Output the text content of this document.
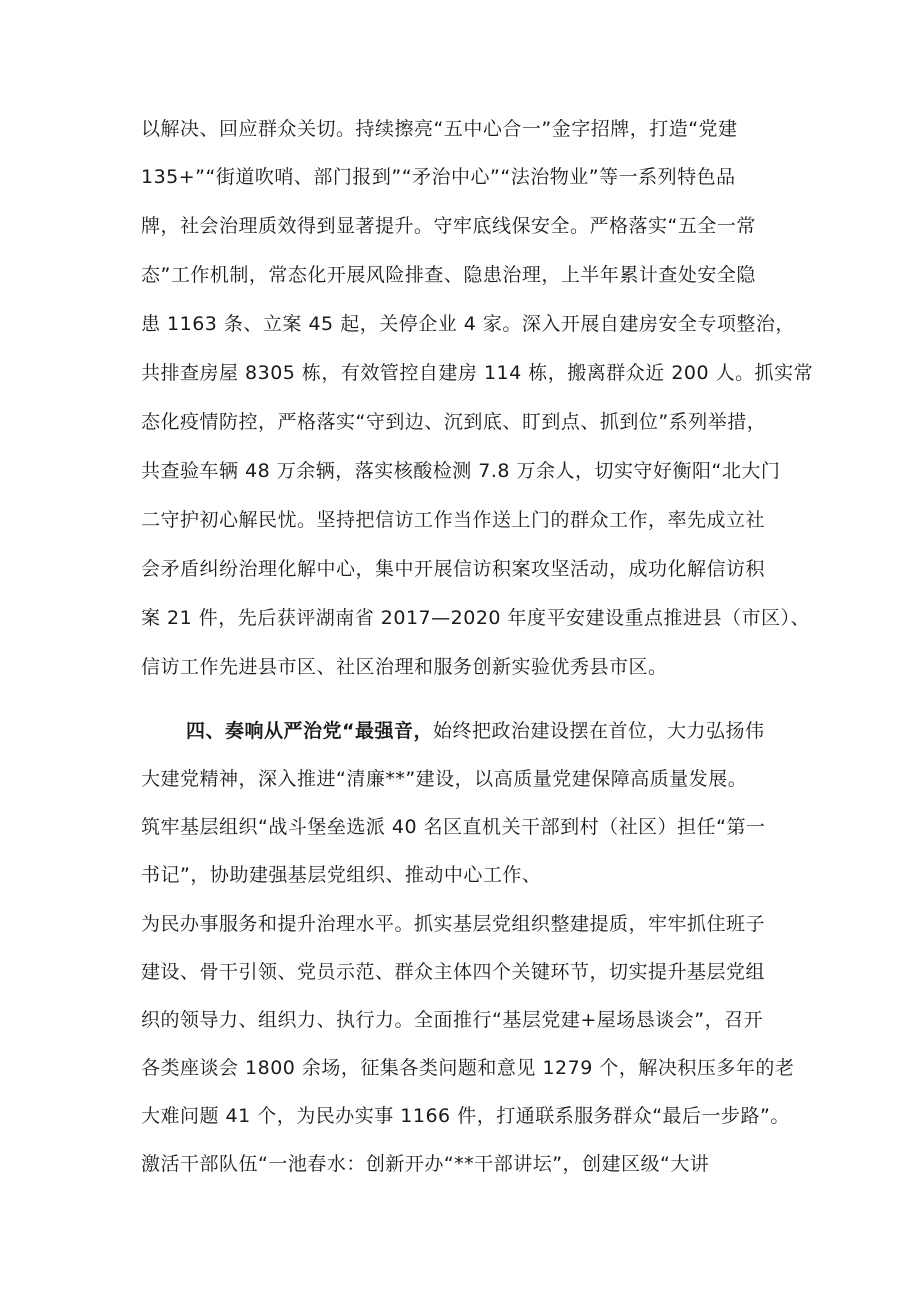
以解决、回应群众关切。持续擦亮“五中心合一”金字招牌，打造“党建
135+”“街道吹哨、部门报到”“矛治中心”“法治物业”等一系列特色品
牌，社会治理质效得到显著提升。守牢底线保安全。严格落实“五全一常
态”工作机制，常态化开展风险排查、隐患治理，上半年累计查处安全隐
患 1163 条、立案 45 起，关停企业 4 家。深入开展自建房安全专项整治，
共排查房屋 8305 栋，有效管控自建房 114 栋，搬离群众近 200 人。抓实常
态化疫情防控，严格落实“守到边、沉到底、盯到点、抓到位”系列举措，
共查验车辆 48 万余辆，落实核酸检测 7.8 万余人，切实守好衡阳“北大门
二守护初心解民忧。坚持把信访工作当作送上门的群众工作，率先成立社
会矛盾纠纷治理化解中心，集中开展信访积案攻坚活动，成功化解信访积
案 21 件，先后获评湖南省 2017—2020 年度平安建设重点推进县（市区）、
信访工作先进县市区、社区治理和服务创新实验优秀县市区。
四、奏响从严治党“最强音，始终把政治建设摆在首位，大力弘扬伟
大建党精神，深入推进“清廉**”建设，以高质量党建保障高质量发展。
筑牢基层组织“战斗堡垒选派 40 名区直机关干部到村（社区）担任“第一
书记”，协助建强基层党组织、推动中心工作、
为民办事服务和提升治理水平。抓实基层党组织整建提质，牢牢抓住班子
建设、骨干引领、党员示范、群众主体四个关键环节，切实提升基层党组
织的领导力、组织力、执行力。全面推行“基层党建+屋场恳谈会”，召开
各类座谈会 1800 余场，征集各类问题和意见 1279 个，解决积压多年的老
大难问题 41 个，为民办实事 1166 件，打通联系服务群众“最后一步路”。
激活干部队伍“一池春水：创新开办“**干部讲坛”，创建区级“大讲
